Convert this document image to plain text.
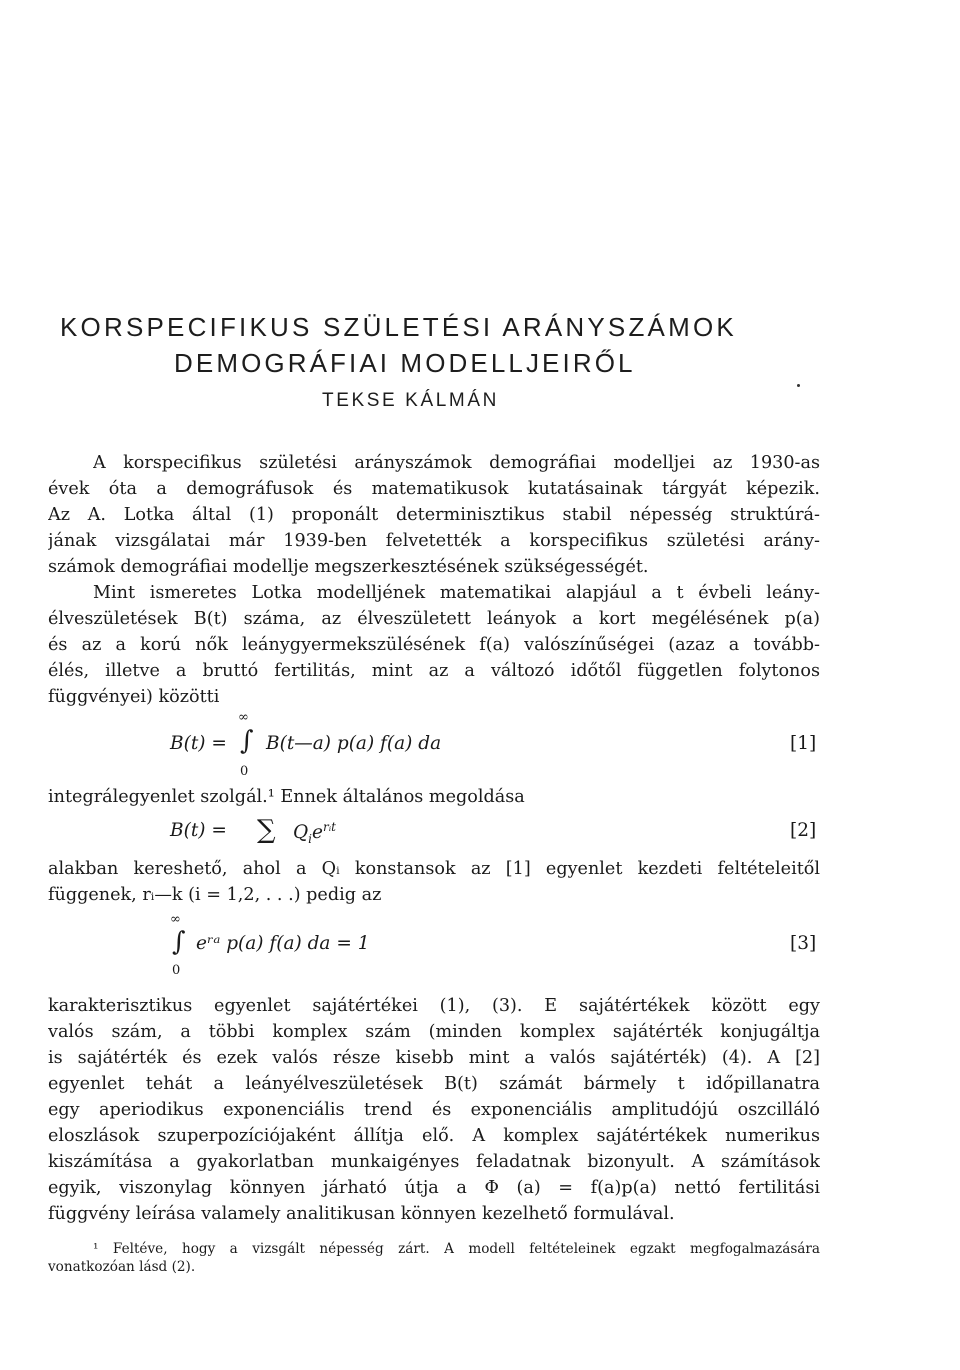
KORSPECIFIKUS SZÜLETÉSI ARÁNYSZÁMOK
DEMOGRÁFIAI MODELLJEIRŐL
TEKSE KÁLMÁN
A korspecifikus születési arányszámok demográfiai modelljei az 1930-as
évek óta a demográfusok és matematikusok kutatásainak tárgyát képezik.
Az A. Lotka által (1) proponált determinisztikus stabil népesség struktúrá-
jának vizsgálatai már 1939-ben felvetették a korspecifikus születési arány-
számok demográfiai modellje megszerkesztésének szükségességét.
Mint ismeretes Lotka modelljének matematikai alapjául a t évbeli leány-
élveszületések B(t) száma, az élveszületett leányok a kort megélésének p(a)
és az a korú nők leánygyermekszülésének f(a) valószínűségei (azaz a tovább-
élés, illetve a bruttó fertilitás, mint az a változó időtől független folytonos
függvényei) közötti
B(t) =
∞
∫
0
B(t—a) p(a) f(a) da	[1]
integrálegyenlet szolgál.¹ Ennek általános megoldása
B(t) = ∑ $Q_ie^{rᵢt}$	[2]
alakban kereshető, ahol a Qᵢ konstansok az [1] egyenlet kezdeti feltételeitől
függenek, rᵢ—k (i = 1,2, . . .) pedig az
∞
∫
0
eʳᵃ p(a) f(a) da = 1	[3]
karakterisztikus egyenlet sajátértékei (1), (3). E sajátértékek között egy
valós szám, a többi komplex szám (minden komplex sajátérték konjugáltja
is sajátérték és ezek valós része kisebb mint a valós sajátérték) (4). A [2]
egyenlet tehát a leányélveszületések B(t) számát bármely t időpillanatra
egy aperiodikus exponenciális trend és exponenciális amplitudójú oszcilláló
eloszlások szuperpozíciójaként állítja elő. A komplex sajátértékek numerikus
kiszámítása a gyakorlatban munkaigényes feladatnak bizonyult. A számítások
egyik, viszonylag könnyen járható útja a Φ (a) = f(a)p(a) nettó fertilitási
függvény leírása valamely analitikusan könnyen kezelhető formulával.
¹ Feltéve, hogy a vizsgált népesség zárt. A modell feltételeinek egzakt megfogalmazására
vonatkozóan lásd (2).
